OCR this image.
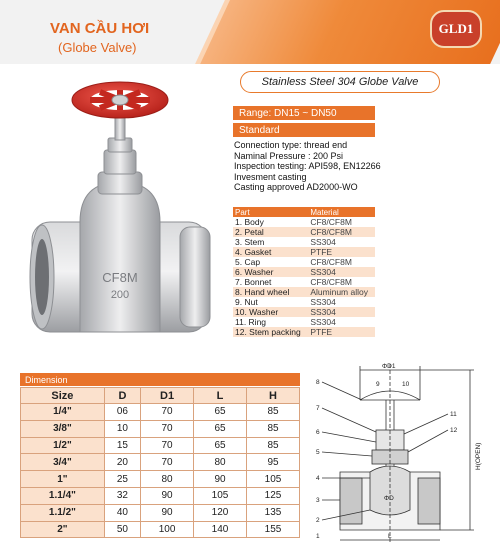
VAN CẦU HƠI
(Globe Valve)
GLD1
Stainless Steel 304 Globe Valve
Range: DN15 ~ DN50
Standard
Connection type: thread end
Naminal Pressure : 200 Psi
Inspection testing: API598, EN12266
Invesment casting
Casting approved AD2000-WO
Part	Material
1. Body	CF8/CF8M
2. Petal	CF8/CF8M
3. Stem	SS304
4. Gasket	PTFE
5. Cap	CF8/CF8M
6. Washer	SS304
7. Bonnet	CF8/CF8M
8. Hand wheel	Aluminum alloy
9. Nut	SS304
10. Washer	SS304
11. Ring	SS304
12. Stem packing	PTFE
CF8M
200
Dimension
Size	D	D1	L	H
1/4"	06	70	65	85
3/8"	10	70	65	85
1/2"	15	70	65	85
3/4"	20	70	80	95
1"	25	80	90	105
1.1/4"	32	90	105	125
1.1/2"	40	90	120	135
2"	50	100	140	155
ΦD1
ΦD
L
H(OPEN)
8	9	10
7
11
6	12
5
4
3
2
1
